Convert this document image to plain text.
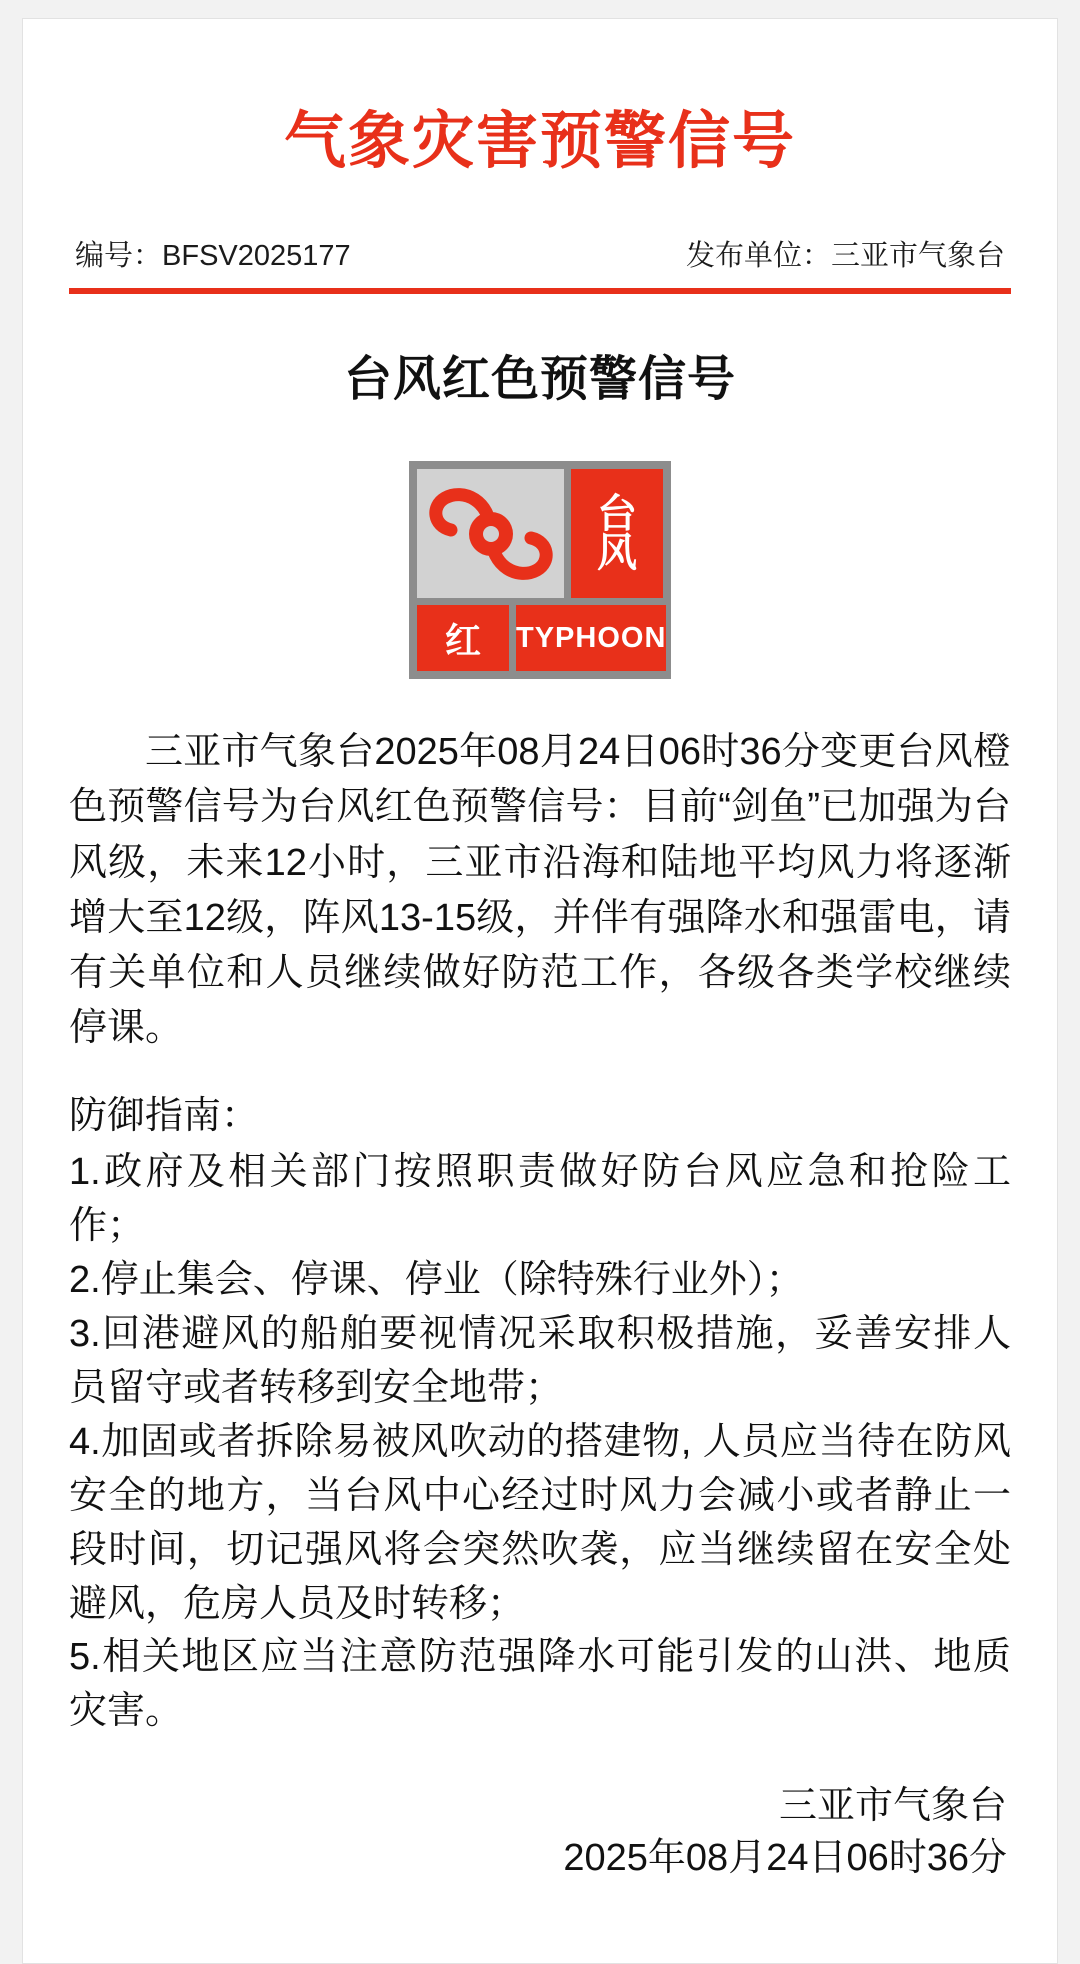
气象灾害预警信号
编号：BFSV2025177	发布单位：三亚市气象台
台风红色预警信号
台
风
红	TYPHOON

三亚市气象台2025年08月24日06时36分变更台风橙色预警信号为台风红色预警信号：目前“剑鱼”已加强为台风级，未来12小时，三亚市沿海和陆地平均风力将逐渐增大至12级，阵风13-15级，并伴有强降水和强雷电，请有关单位和人员继续做好防范工作，各级各类学校继续停课。

防御指南：

1.政府及相关部门按照职责做好防台风应急和抢险工作；

2.停止集会、停课、停业（除特殊行业外）；

3.回港避风的船舶要视情况采取积极措施，妥善安排人员留守或者转移到安全地带；

4.加固或者拆除易被风吹动的搭建物, 人员应当待在防风安全的地方，当台风中心经过时风力会减小或者静止一段时间，切记强风将会突然吹袭，应当继续留在安全处避风，危房人员及时转移；

5.相关地区应当注意防范强降水可能引发的山洪、地质灾害。

三亚市气象台
2025年08月24日06时36分
